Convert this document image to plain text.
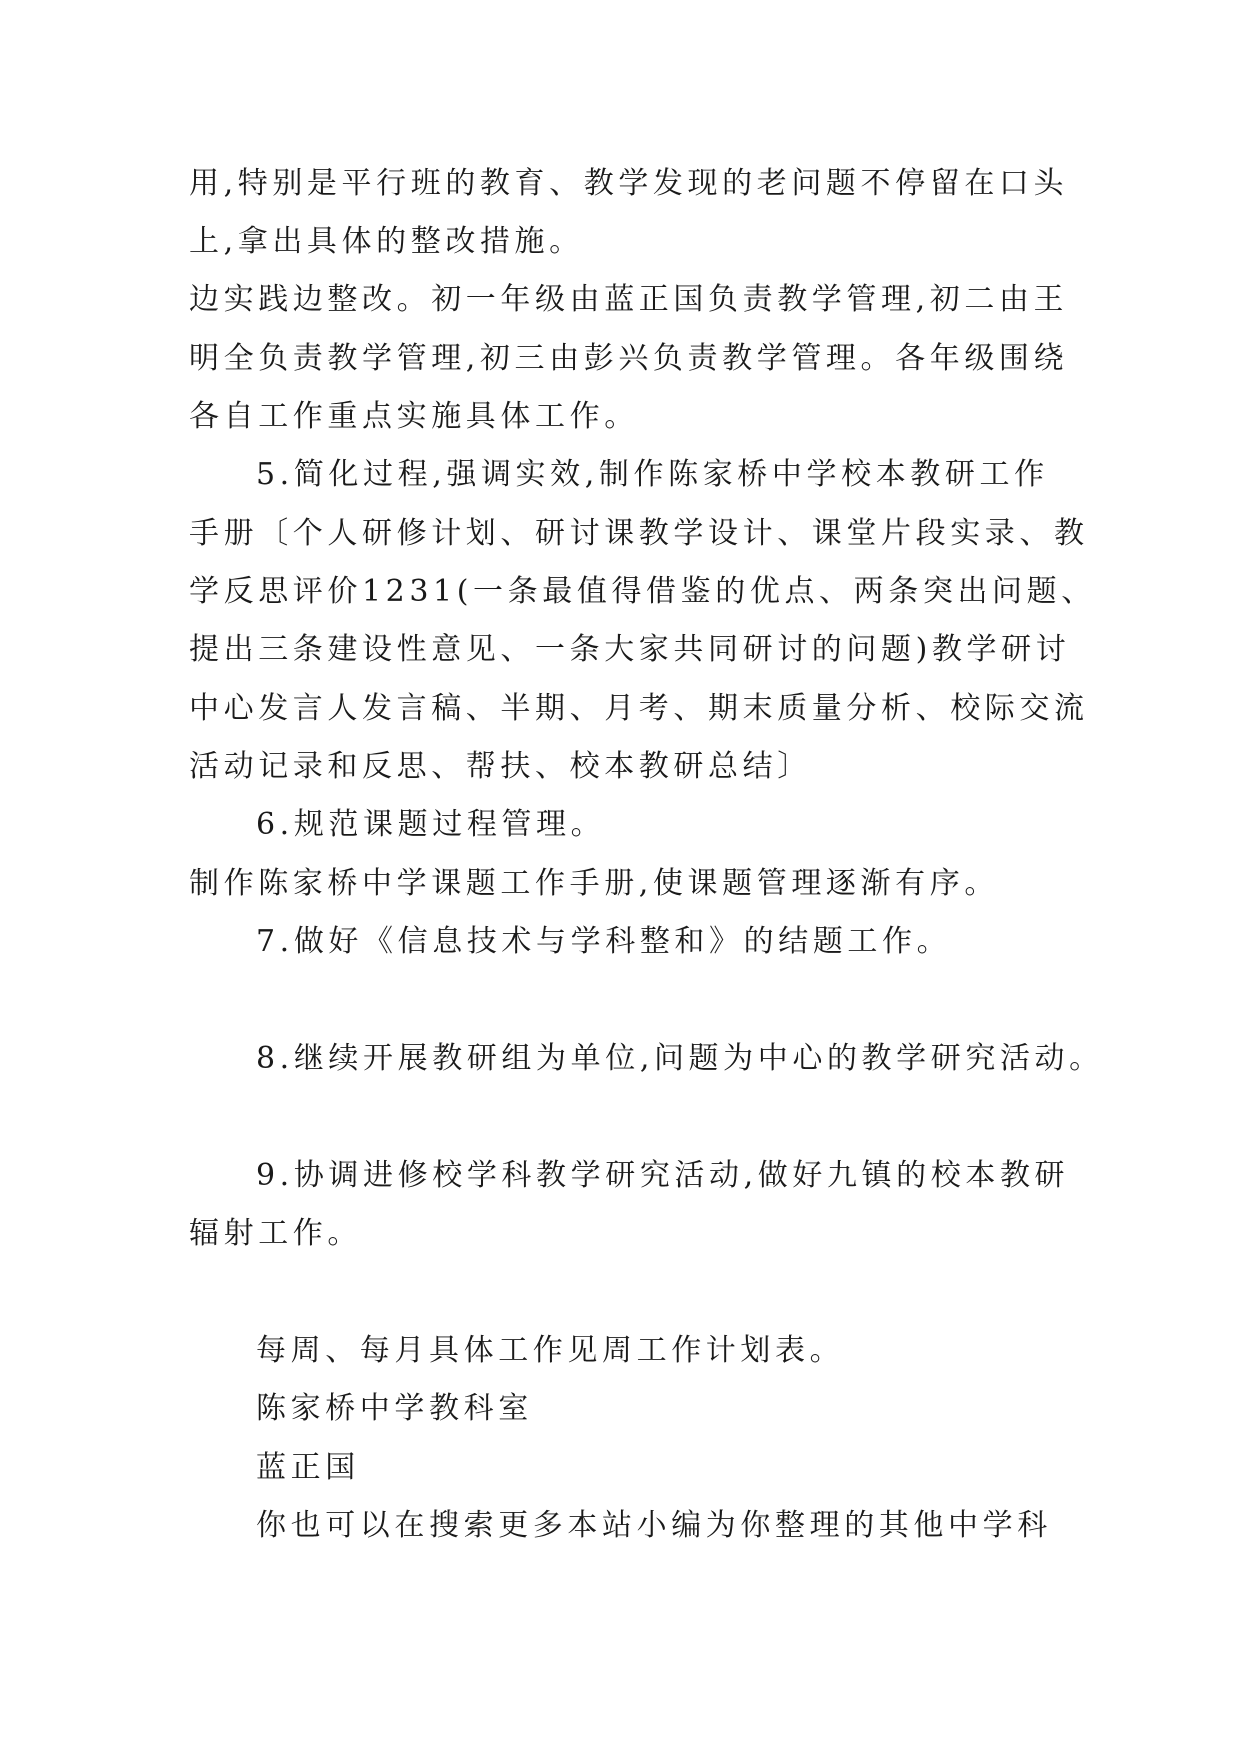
用,特别是平行班的教育、教学发现的老问题不停留在口头
上,拿出具体的整改措施。
边实践边整改。初一年级由蓝正国负责教学管理,初二由王
明全负责教学管理,初三由彭兴负责教学管理。各年级围绕
各自工作重点实施具体工作。
5.简化过程,强调实效,制作陈家桥中学校本教研工作
手册〔个人研修计划、研讨课教学设计、课堂片段实录、教
学反思评价1231(一条最值得借鉴的优点、两条突出问题、
提出三条建设性意见、一条大家共同研讨的问题)教学研讨
中心发言人发言稿、半期、月考、期末质量分析、校际交流
活动记录和反思、帮扶、校本教研总结〕
6.规范课题过程管理。
制作陈家桥中学课题工作手册,使课题管理逐渐有序。
7.做好《信息技术与学科整和》的结题工作。
8.继续开展教研组为单位,问题为中心的教学研究活动。
9.协调进修校学科教学研究活动,做好九镇的校本教研
辐射工作。
每周、每月具体工作见周工作计划表。
陈家桥中学教科室
蓝正国
你也可以在搜索更多本站小编为你整理的其他中学科
